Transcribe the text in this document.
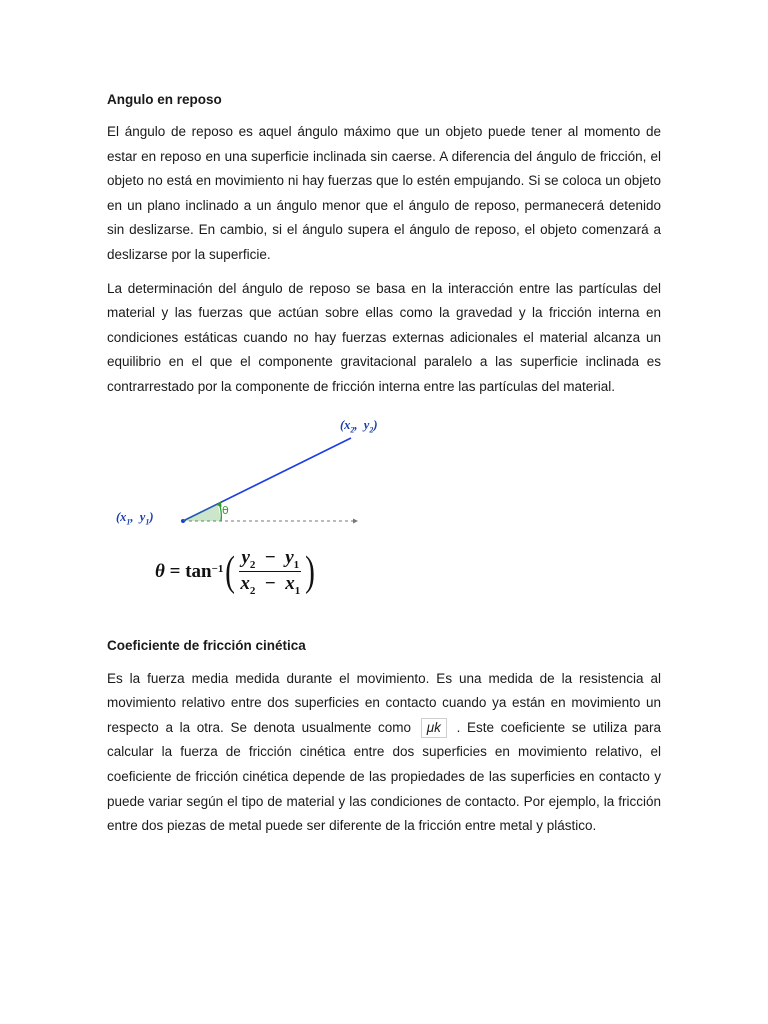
Angulo en reposo

El ángulo de reposo es aquel ángulo máximo que un objeto puede tener al momento de estar en reposo en una superficie inclinada sin caerse. A diferencia del ángulo de fricción, el objeto no está en movimiento ni hay fuerzas que lo estén empujando. Si se coloca un objeto en un plano inclinado a un ángulo menor que el ángulo de reposo, permanecerá detenido sin deslizarse. En cambio, si el ángulo supera el ángulo de reposo, el objeto comenzará a deslizarse por la superficie.

La determinación del ángulo de reposo se basa en la interacción entre las partículas del material y las fuerzas que actúan sobre ellas como la gravedad y la fricción interna en condiciones estáticas cuando no hay fuerzas externas adicionales el material alcanza un equilibrio en el que el componente gravitacional paralelo a las superficie inclinada es contrarrestado por la componente de fricción interna entre las partículas del material.

θ
($x_2$,  $y_2$)
($x_1$,  $y_1$)
θ
=
$\tan^{-1}$ ( $\frac{y_2 - y_1}{x_2 - x_1}$ )
Coeficiente de fricción cinética

Es la fuerza media medida durante el movimiento. Es una medida de la resistencia al movimiento relativo entre dos superficies en contacto cuando ya están en movimiento un respecto a la otra. Se denota usualmente como μk . Este coeficiente se utiliza para calcular la fuerza de fricción cinética entre dos superficies en movimiento relativo, el coeficiente de fricción cinética depende de las propiedades de las superficies en contacto y puede variar según el tipo de material y las condiciones de contacto. Por ejemplo, la fricción entre dos piezas de metal puede ser diferente de la fricción entre metal y plástico.
